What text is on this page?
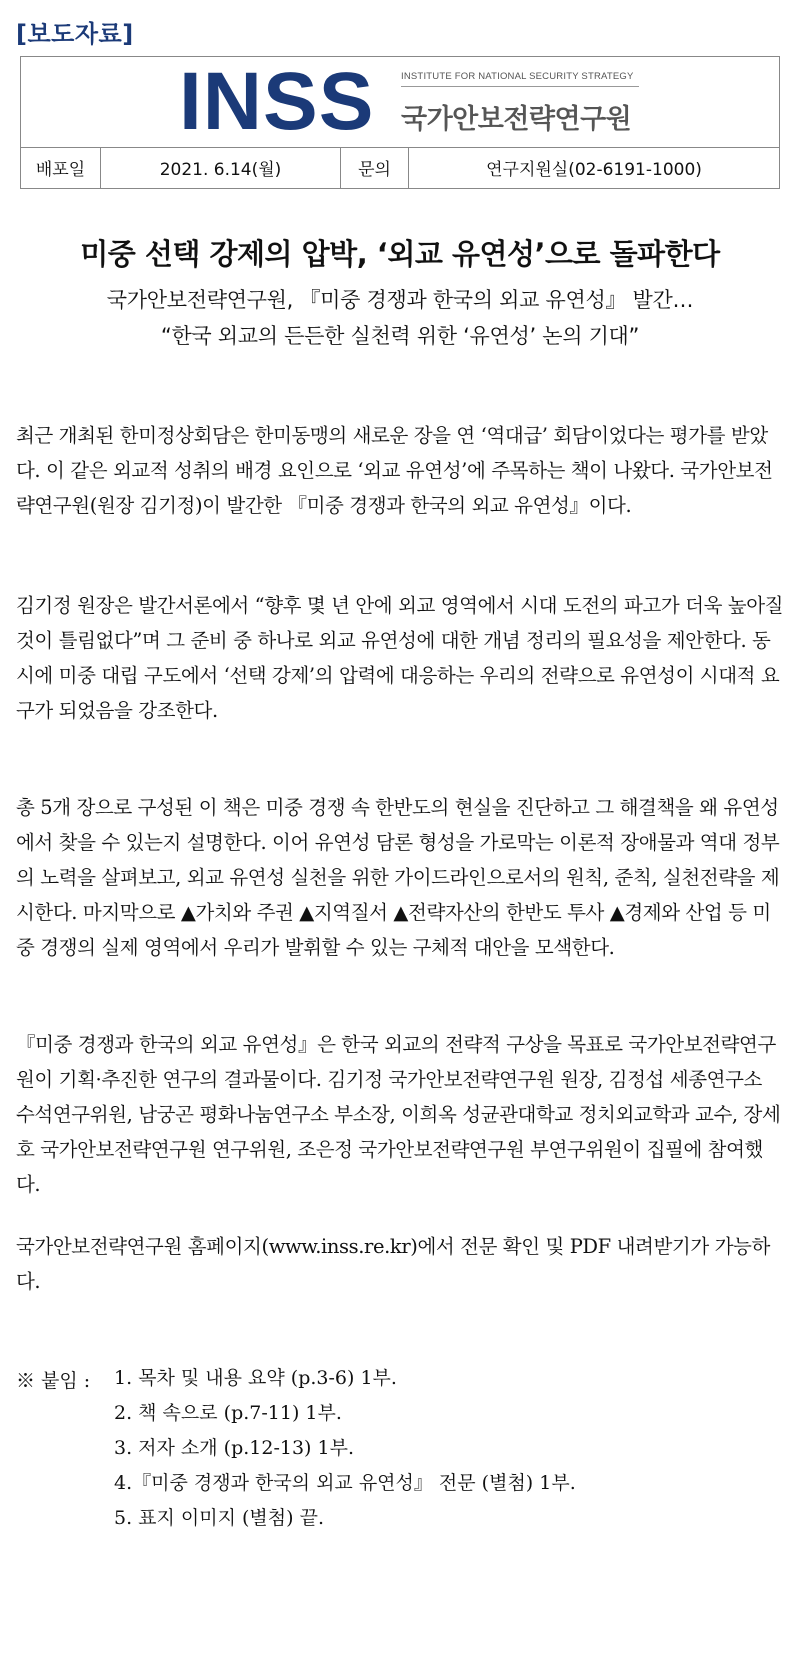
[보도자료]
INSS	INSTITUTE FOR NATIONAL SECURITY STRATEGY
국가안보전략연구원
배포일	2021. 6.14(월)	문의	연구지원실(02-6191-1000)
미중 선택 강제의 압박, ‘외교 유연성’으로 돌파한다
국가안보전략연구원, 『미중 경쟁과 한국의 외교 유연성』 발간…
“한국 외교의 든든한 실천력 위한 ‘유연성’ 논의 기대”

최근 개최된 한미정상회담은 한미동맹의 새로운 장을 연 ‘역대급’ 회담이었다는 평가를 받았다. 이 같은 외교적 성취의 배경 요인으로 ‘외교 유연성’에 주목하는 책이 나왔다. 국가안보전략연구원(원장 김기정)이 발간한 『미중 경쟁과 한국의 외교 유연성』이다.

김기정 원장은 발간서론에서 “향후 몇 년 안에 외교 영역에서 시대 도전의 파고가 더욱 높아질 것이 틀림없다”며 그 준비 중 하나로 외교 유연성에 대한 개념 정리의 필요성을 제안한다. 동시에 미중 대립 구도에서 ‘선택 강제’의 압력에 대응하는 우리의 전략으로 유연성이 시대적 요구가 되었음을 강조한다.

총 5개 장으로 구성된 이 책은 미중 경쟁 속 한반도의 현실을 진단하고 그 해결책을 왜 유연성에서 찾을 수 있는지 설명한다. 이어 유연성 담론 형성을 가로막는 이론적 장애물과 역대 정부의 노력을 살펴보고, 외교 유연성 실천을 위한 가이드라인으로서의 원칙, 준칙, 실천전략을 제시한다. 마지막으로 ▲가치와 주권 ▲지역질서 ▲전략자산의 한반도 투사 ▲경제와 산업 등 미중 경쟁의 실제 영역에서 우리가 발휘할 수 있는 구체적 대안을 모색한다.

『미중 경쟁과 한국의 외교 유연성』은 한국 외교의 전략적 구상을 목표로 국가안보전략연구원이 기획·추진한 연구의 결과물이다. 김기정 국가안보전략연구원 원장, 김정섭 세종연구소 수석연구위원, 남궁곤 평화나눔연구소 부소장, 이희옥 성균관대학교 정치외교학과 교수, 장세호 국가안보전략연구원 연구위원, 조은정 국가안보전략연구원 부연구위원이 집필에 참여했다.

국가안보전략연구원 홈페이지(www.inss.re.kr)에서 전문 확인 및 PDF 내려받기가 가능하다.

※ 붙임 : 1. 목차 및 내용 요약 (p.3-6) 1부.
2. 책 속으로 (p.7-11) 1부.
3. 저자 소개 (p.12-13) 1부.
4.『미중 경쟁과 한국의 외교 유연성』 전문 (별첨) 1부.
5. 표지 이미지 (별첨) 끝.
